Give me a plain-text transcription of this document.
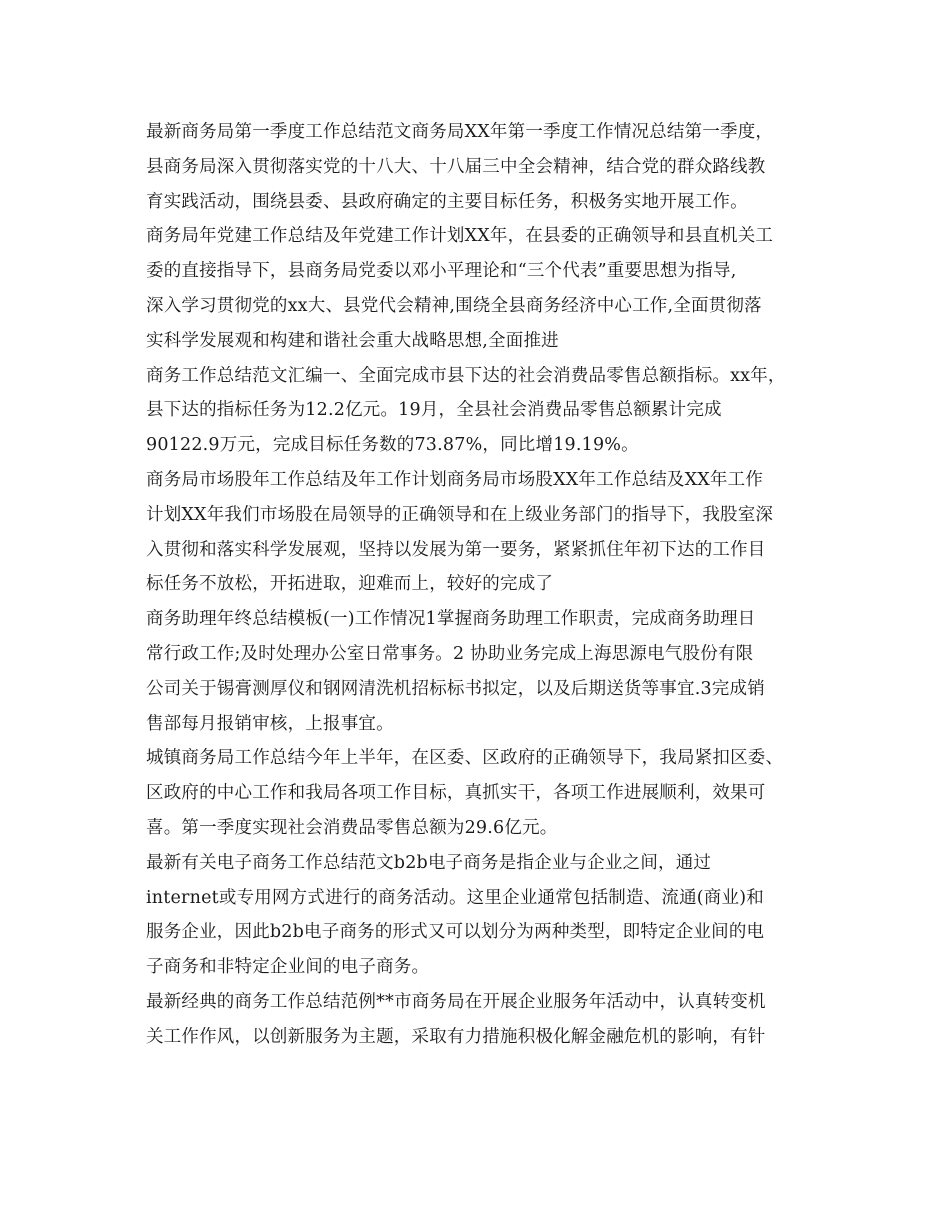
最新商务局第一季度工作总结范文商务局XX年第一季度工作情况总结第一季度，
县商务局深入贯彻落实党的十八大、十八届三中全会精神，结合党的群众路线教
育实践活动，围绕县委、县政府确定的主要目标任务，积极务实地开展工作。

商务局年党建工作总结及年党建工作计划XX年，在县委的正确领导和县直机关工
委的直接指导下，县商务局党委以邓小平理论和“三个代表”重要思想为指导,
深入学习贯彻党的xx大、县党代会精神,围绕全县商务经济中心工作,全面贯彻落
实科学发展观和构建和谐社会重大战略思想,全面推进

商务工作总结范文汇编一、全面完成市县下达的社会消费品零售总额指标。xx年，
县下达的指标任务为12.2亿元。19月，全县社会消费品零售总额累计完成
90122.9万元，完成目标任务数的73.87%，同比增19.19%。

商务局市场股年工作总结及年工作计划商务局市场股XX年工作总结及XX年工作
计划XX年我们市场股在局领导的正确领导和在上级业务部门的指导下，我股室深
入贯彻和落实科学发展观，坚持以发展为第一要务，紧紧抓住年初下达的工作目
标任务不放松，开拓进取，迎难而上，较好的完成了

商务助理年终总结模板(一)工作情况1掌握商务助理工作职责，完成商务助理日
常行政工作;及时处理办公室日常事务。2 协助业务完成上海思源电气股份有限
公司关于锡膏测厚仪和钢网清洗机招标标书拟定，以及后期送货等事宜.3完成销
售部每月报销审核，上报事宜。

城镇商务局工作总结今年上半年，在区委、区政府的正确领导下，我局紧扣区委、
区政府的中心工作和我局各项工作目标，真抓实干，各项工作进展顺利，效果可
喜。第一季度实现社会消费品零售总额为29.6亿元。

最新有关电子商务工作总结范文b2b电子商务是指企业与企业之间，通过
internet或专用网方式进行的商务活动。这里企业通常包括制造、流通(商业)和
服务企业，因此b2b电子商务的形式又可以划分为两种类型，即特定企业间的电
子商务和非特定企业间的电子商务。

最新经典的商务工作总结范例**市商务局在开展企业服务年活动中，认真转变机
关工作作风，以创新服务为主题，采取有力措施积极化解金融危机的影响，有针
